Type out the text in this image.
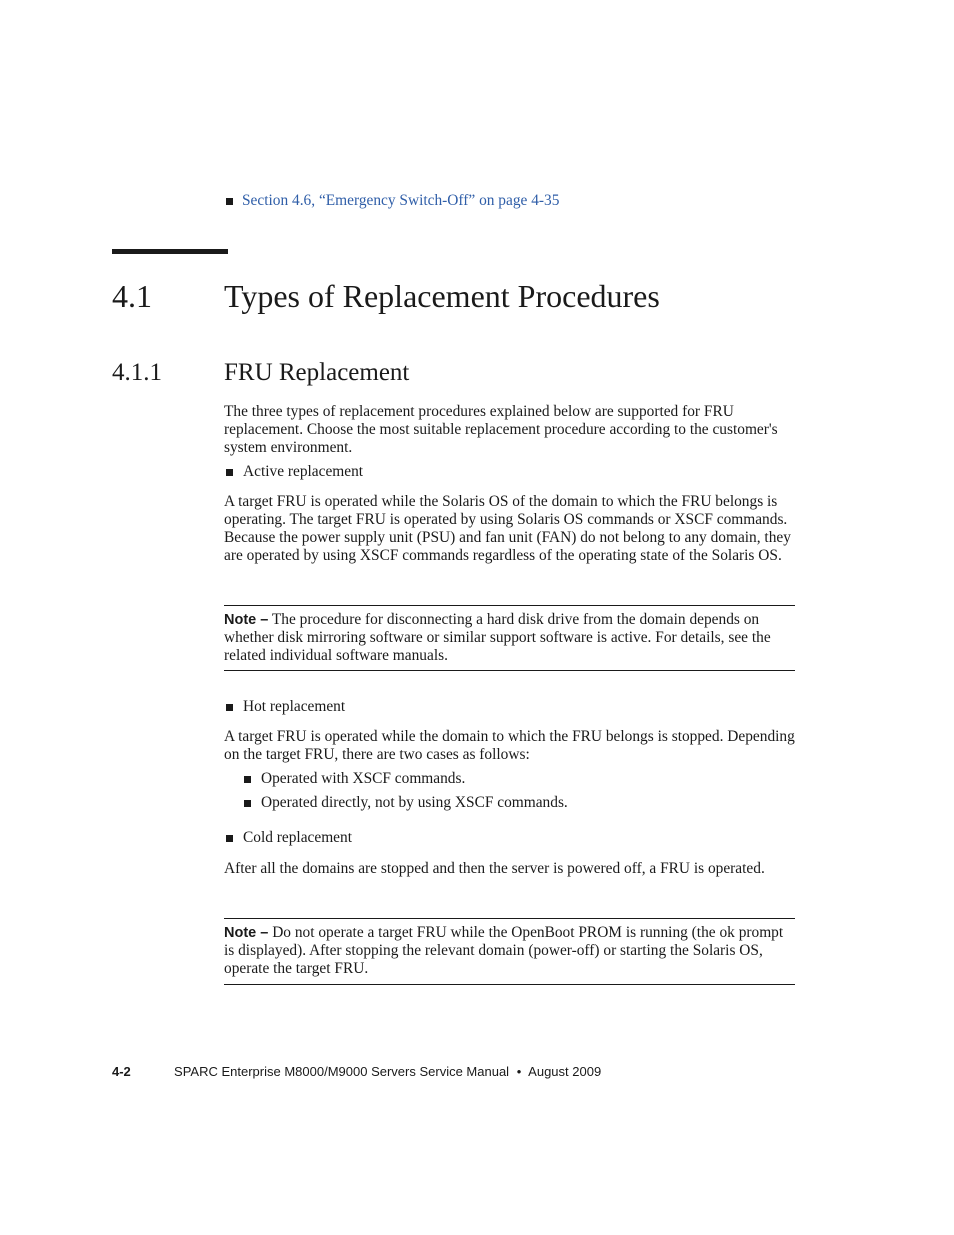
Section 4.6, “Emergency Switch-Off” on page 4-35
4.1 Types of Replacement Procedures
4.1.1 FRU Replacement
The three types of replacement procedures explained below are supported for FRU replacement. Choose the most suitable replacement procedure according to the customer's system environment.
Active replacement
A target FRU is operated while the Solaris OS of the domain to which the FRU belongs is operating. The target FRU is operated by using Solaris OS commands or XSCF commands. Because the power supply unit (PSU) and fan unit (FAN) do not belong to any domain, they are operated by using XSCF commands regardless of the operating state of the Solaris OS.
Note – The procedure for disconnecting a hard disk drive from the domain depends on whether disk mirroring software or similar support software is active. For details, see the related individual software manuals.
Hot replacement
A target FRU is operated while the domain to which the FRU belongs is stopped. Depending on the target FRU, there are two cases as follows:
Operated with XSCF commands.
Operated directly, not by using XSCF commands.
Cold replacement
After all the domains are stopped and then the server is powered off, a FRU is operated.
Note – Do not operate a target FRU while the OpenBoot PROM is running (the ok prompt is displayed). After stopping the relevant domain (power-off) or starting the Solaris OS, operate the target FRU.
4-2	SPARC Enterprise M8000/M9000 Servers Service Manual • August 2009
